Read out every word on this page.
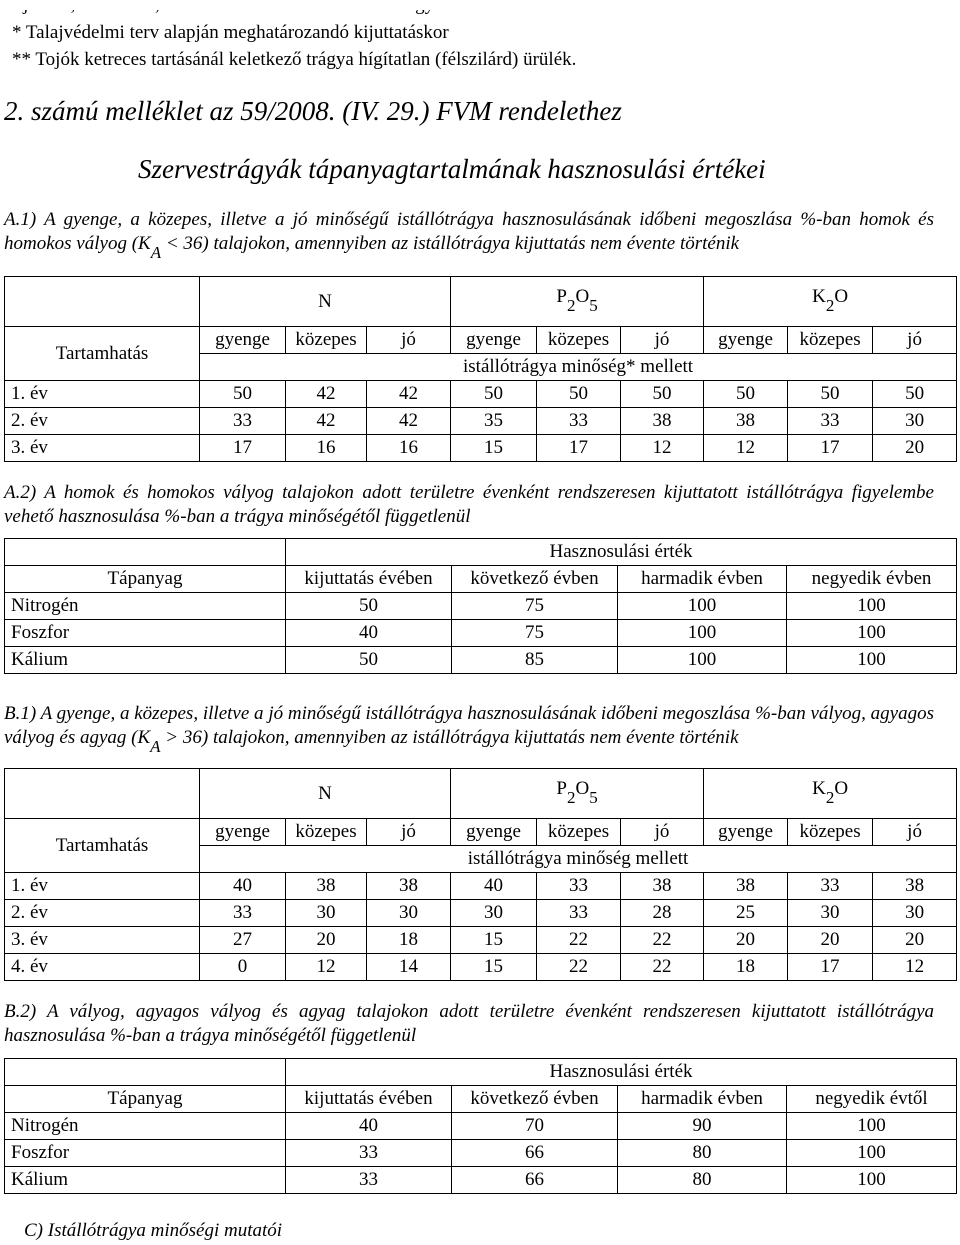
* Talajvédelmi terv alapján meghatározandó kijuttatáskor
** Tojók ketreces tartásánál keletkező trágya hígítatlan (félszilárd) ürülék.
2. számú melléklet az 59/2008. (IV. 29.) FVM rendelethez
Szervestrágyák tápanyagtartalmának hasznosulási értékei
A.1) A gyenge, a közepes, illetve a jó minőségű istállótrágya hasznosulásának időbeni megoszlása %-ban homok és homokos vályog $(K_A < 36)$ talajokon, amennyiben az istállótrágya kijuttatás nem évente történik
	N			$P_2O_5$			$K_2O$		
Tartamhatás	gyenge	közepes	jó	gyenge	közepes	jó	gyenge	közepes	jó
	istállótrágya minőség* mellett								
1. év	50	42	42	50	50	50	50	50	50
2. év	33	42	42	35	33	38	38	33	30
3. év	17	16	16	15	17	12	12	17	20
A.2) A homok és homokos vályog talajokon adott területre évenként rendszeresen kijuttatott istállótrágya figyelembe vehető hasznosulása %-ban a trágya minőségétől függetlenül
	Hasznosulási érték			
Tápanyag	kijuttatás évében	következő évben	harmadik évben	negyedik évben
Nitrogén	50	75	100	100
Foszfor	40	75	100	100
Kálium	50	85	100	100
B.1) A gyenge, a közepes, illetve a jó minőségű istállótrágya hasznosulásának időbeni megoszlása %-ban vályog, agyagos vályog és agyag $(K_A > 36)$ talajokon, amennyiben az istállótrágya kijuttatás nem évente történik
	N			$P_2O_5$			$K_2O$		
Tartamhatás	gyenge	közepes	jó	gyenge	közepes	jó	gyenge	közepes	jó
	istállótrágya minőség mellett								
1. év	40	38	38	40	33	38	38	33	38
2. év	33	30	30	30	33	28	25	30	30
3. év	27	20	18	15	22	22	20	20	20
4. év	0	12	14	15	22	22	18	17	12
B.2) A vályog, agyagos vályog és agyag talajokon adott területre évenként rendszeresen kijuttatott istállótrágya hasznosulása %-ban a trágya minőségétől függetlenül
	Hasznosulási érték			
Tápanyag	kijuttatás évében	következő évben	harmadik évben	negyedik évtől
Nitrogén	40	70	90	100
Foszfor	33	66	80	100
Kálium	33	66	80	100
C) Istállótrágya minőségi mutatói
